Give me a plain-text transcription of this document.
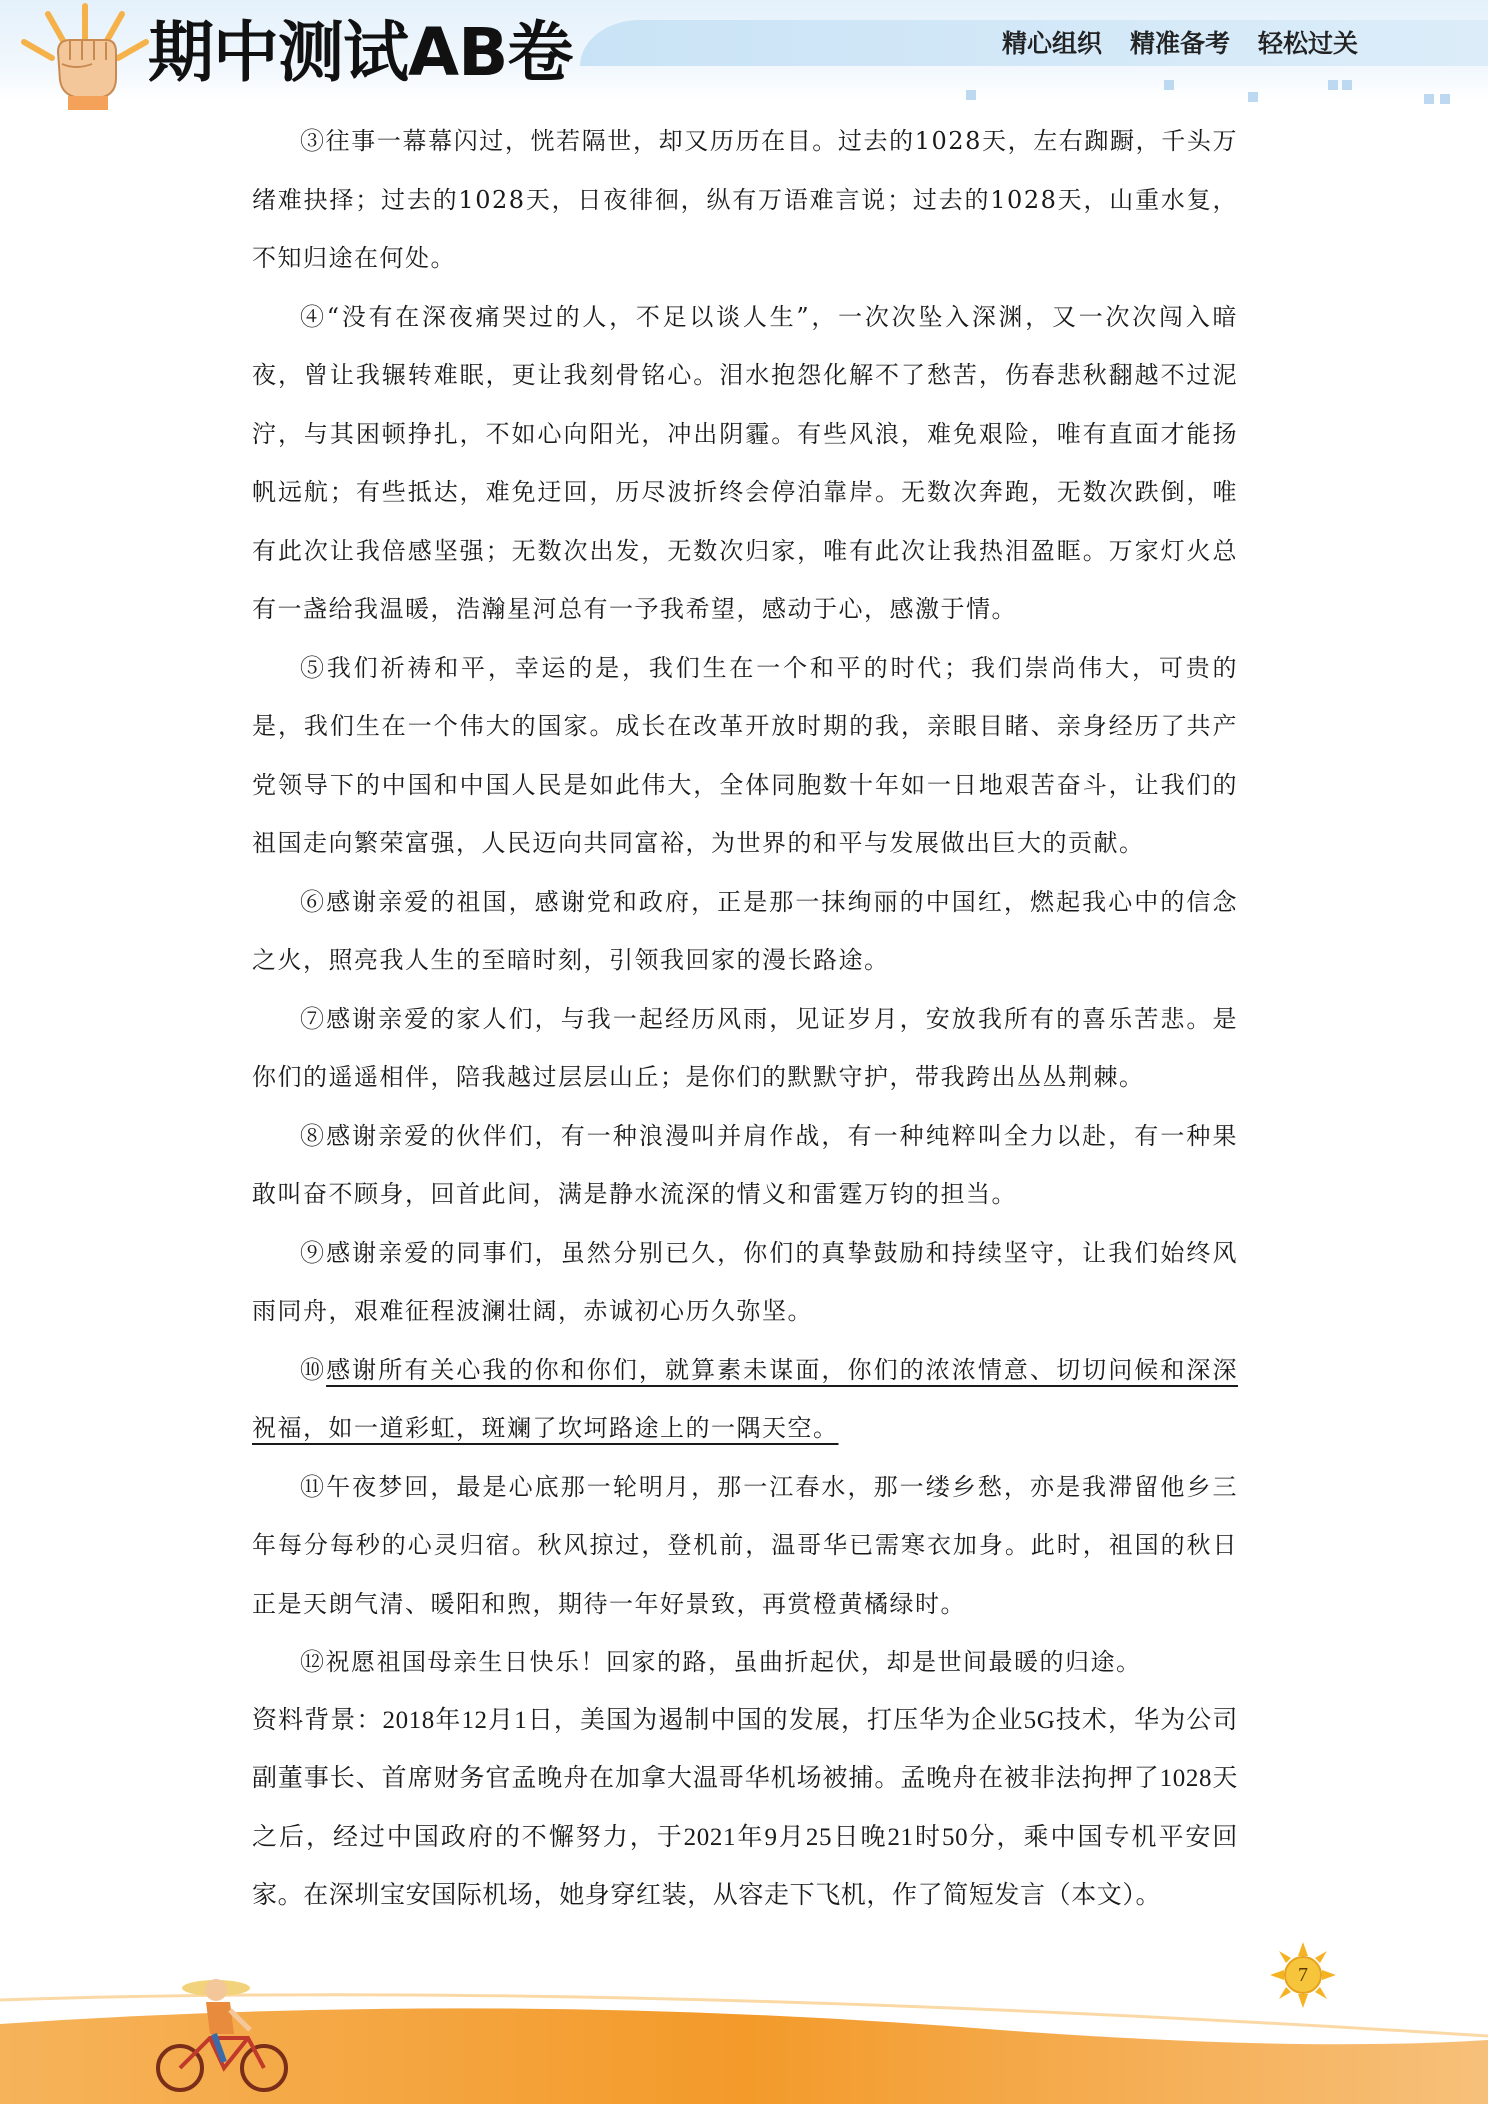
期中测试AB卷	精心组织 精准备考 轻松过关

③往事一幕幕闪过，恍若隔世，却又历历在目。过去的1028天，左右踟蹰，千头万绪难抉择；过去的1028天，日夜徘徊，纵有万语难言说；过去的1028天，山重水复，不知归途在何处。

④“没有在深夜痛哭过的人，不足以谈人生”，一次次坠入深渊，又一次次闯入暗夜，曾让我辗转难眠，更让我刻骨铭心。泪水抱怨化解不了愁苦，伤春悲秋翻越不过泥泞，与其困顿挣扎，不如心向阳光，冲出阴霾。有些风浪，难免艰险，唯有直面才能扬帆远航；有些抵达，难免迂回，历尽波折终会停泊靠岸。无数次奔跑，无数次跌倒，唯有此次让我倍感坚强；无数次出发，无数次归家，唯有此次让我热泪盈眶。万家灯火总有一盏给我温暖，浩瀚星河总有一予我希望，感动于心，感激于情。

⑤我们祈祷和平，幸运的是，我们生在一个和平的时代；我们崇尚伟大，可贵的是，我们生在一个伟大的国家。成长在改革开放时期的我，亲眼目睹、亲身经历了共产党领导下的中国和中国人民是如此伟大，全体同胞数十年如一日地艰苦奋斗，让我们的祖国走向繁荣富强，人民迈向共同富裕，为世界的和平与发展做出巨大的贡献。

⑥感谢亲爱的祖国，感谢党和政府，正是那一抹绚丽的中国红，燃起我心中的信念之火，照亮我人生的至暗时刻，引领我回家的漫长路途。

⑦感谢亲爱的家人们，与我一起经历风雨，见证岁月，安放我所有的喜乐苦悲。是你们的遥遥相伴，陪我越过层层山丘；是你们的默默守护，带我跨出丛丛荆棘。

⑧感谢亲爱的伙伴们，有一种浪漫叫并肩作战，有一种纯粹叫全力以赴，有一种果敢叫奋不顾身，回首此间，满是静水流深的情义和雷霆万钧的担当。

⑨感谢亲爱的同事们，虽然分别已久，你们的真挚鼓励和持续坚守，让我们始终风雨同舟，艰难征程波澜壮阔，赤诚初心历久弥坚。

⑩感谢所有关心我的你和你们，就算素未谋面，你们的浓浓情意、切切问候和深深祝福，如一道彩虹，斑斓了坎坷路途上的一隅天空。

⑪午夜梦回，最是心底那一轮明月，那一江春水，那一缕乡愁，亦是我滞留他乡三年每分每秒的心灵归宿。秋风掠过，登机前，温哥华已需寒衣加身。此时，祖国的秋日正是天朗气清、暖阳和煦，期待一年好景致，再赏橙黄橘绿时。

⑫祝愿祖国母亲生日快乐！回家的路，虽曲折起伏，却是世间最暖的归途。

资料背景：2018年12月1日，美国为遏制中国的发展，打压华为企业5G技术，华为公司副董事长、首席财务官孟晚舟在加拿大温哥华机场被捕。孟晚舟在被非法拘押了1028天之后，经过中国政府的不懈努力，于2021年9月25日晚21时50分，乘中国专机平安回家。在深圳宝安国际机场，她身穿红装，从容走下飞机，作了简短发言（本文）。

7
